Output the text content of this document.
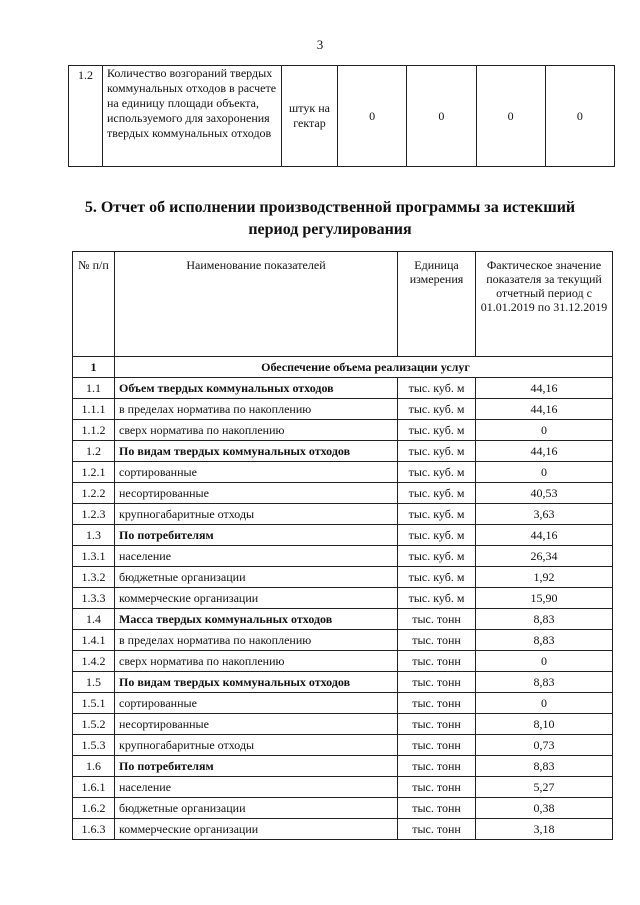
3
1.2	Количество возгораний твердых коммунальных отходов в расчете на единицу площади объекта, используемого для захоронения твердых коммунальных отходов	штук на гектар	0	0	0	0
5. Отчет об исполнении производственной программы за истекший период регулирования
№ п/п	Наименование показателей	Единица измерения	Фактическое значение показателя за текущий отчетный период с 01.01.2019 по 31.12.2019
1	Обеспечение объема реализации услуг		
1.1	Объем твердых коммунальных отходов	тыс. куб. м	44,16
1.1.1	в пределах норматива по накоплению	тыс. куб. м	44,16
1.1.2	сверх норматива по накоплению	тыс. куб. м	0
1.2	По видам твердых коммунальных отходов	тыс. куб. м	44,16
1.2.1	сортированные	тыс. куб. м	0
1.2.2	несортированные	тыс. куб. м	40,53
1.2.3	крупногабаритные отходы	тыс. куб. м	3,63
1.3	По потребителям	тыс. куб. м	44,16
1.3.1	население	тыс. куб. м	26,34
1.3.2	бюджетные организации	тыс. куб. м	1,92
1.3.3	коммерческие организации	тыс. куб. м	15,90
1.4	Масса твердых коммунальных отходов	тыс. тонн	8,83
1.4.1	в пределах норматива по накоплению	тыс. тонн	8,83
1.4.2	сверх норматива по накоплению	тыс. тонн	0
1.5	По видам твердых коммунальных отходов	тыс. тонн	8,83
1.5.1	сортированные	тыс. тонн	0
1.5.2	несортированные	тыс. тонн	8,10
1.5.3	крупногабаритные отходы	тыс. тонн	0,73
1.6	По потребителям	тыс. тонн	8,83
1.6.1	население	тыс. тонн	5,27
1.6.2	бюджетные организации	тыс. тонн	0,38
1.6.3	коммерческие организации	тыс. тонн	3,18
